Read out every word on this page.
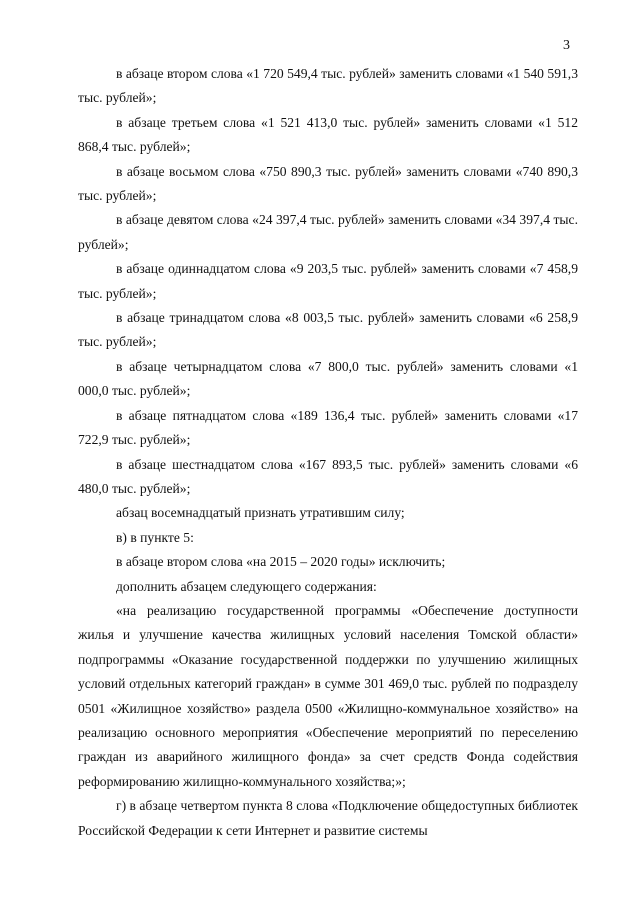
3

в абзаце втором слова «1 720 549,4 тыс. рублей» заменить словами «1 540 591,3 тыс. рублей»;

в абзаце третьем слова «1 521 413,0 тыс. рублей» заменить словами «1 512 868,4 тыс. рублей»;

в абзаце восьмом слова «750 890,3 тыс. рублей» заменить словами «740 890,3 тыс. рублей»;

в абзаце девятом слова «24 397,4 тыс. рублей» заменить словами «34 397,4 тыс. рублей»;

в абзаце одиннадцатом слова «9 203,5 тыс. рублей» заменить словами «7 458,9 тыс. рублей»;

в абзаце тринадцатом слова «8 003,5 тыс. рублей» заменить словами «6 258,9 тыс. рублей»;

в абзаце четырнадцатом слова «7 800,0 тыс. рублей» заменить словами «1 000,0 тыс. рублей»;

в абзаце пятнадцатом слова «189 136,4 тыс. рублей» заменить словами «17 722,9 тыс. рублей»;

в абзаце шестнадцатом слова «167 893,5 тыс. рублей» заменить словами «6 480,0 тыс. рублей»;

абзац восемнадцатый признать утратившим силу;

в) в пункте 5:

в абзаце втором слова «на 2015 – 2020 годы» исключить;

дополнить абзацем следующего содержания:

«на реализацию государственной программы «Обеспечение доступности жилья и улучшение качества жилищных условий населения Томской области» подпрограммы «Оказание государственной поддержки по улучшению жилищных условий отдельных категорий граждан» в сумме 301 469,0 тыс. рублей по подразделу 0501 «Жилищное хозяйство» раздела 0500 «Жилищно-коммунальное хозяйство» на реализацию основного мероприятия «Обеспечение мероприятий по переселению граждан из аварийного жилищного фонда» за счет средств Фонда содействия реформированию жилищно-коммунального хозяйства;»;

г) в абзаце четвертом пункта 8 слова «Подключение общедоступных библиотек Российской Федерации к сети Интернет и развитие системы
